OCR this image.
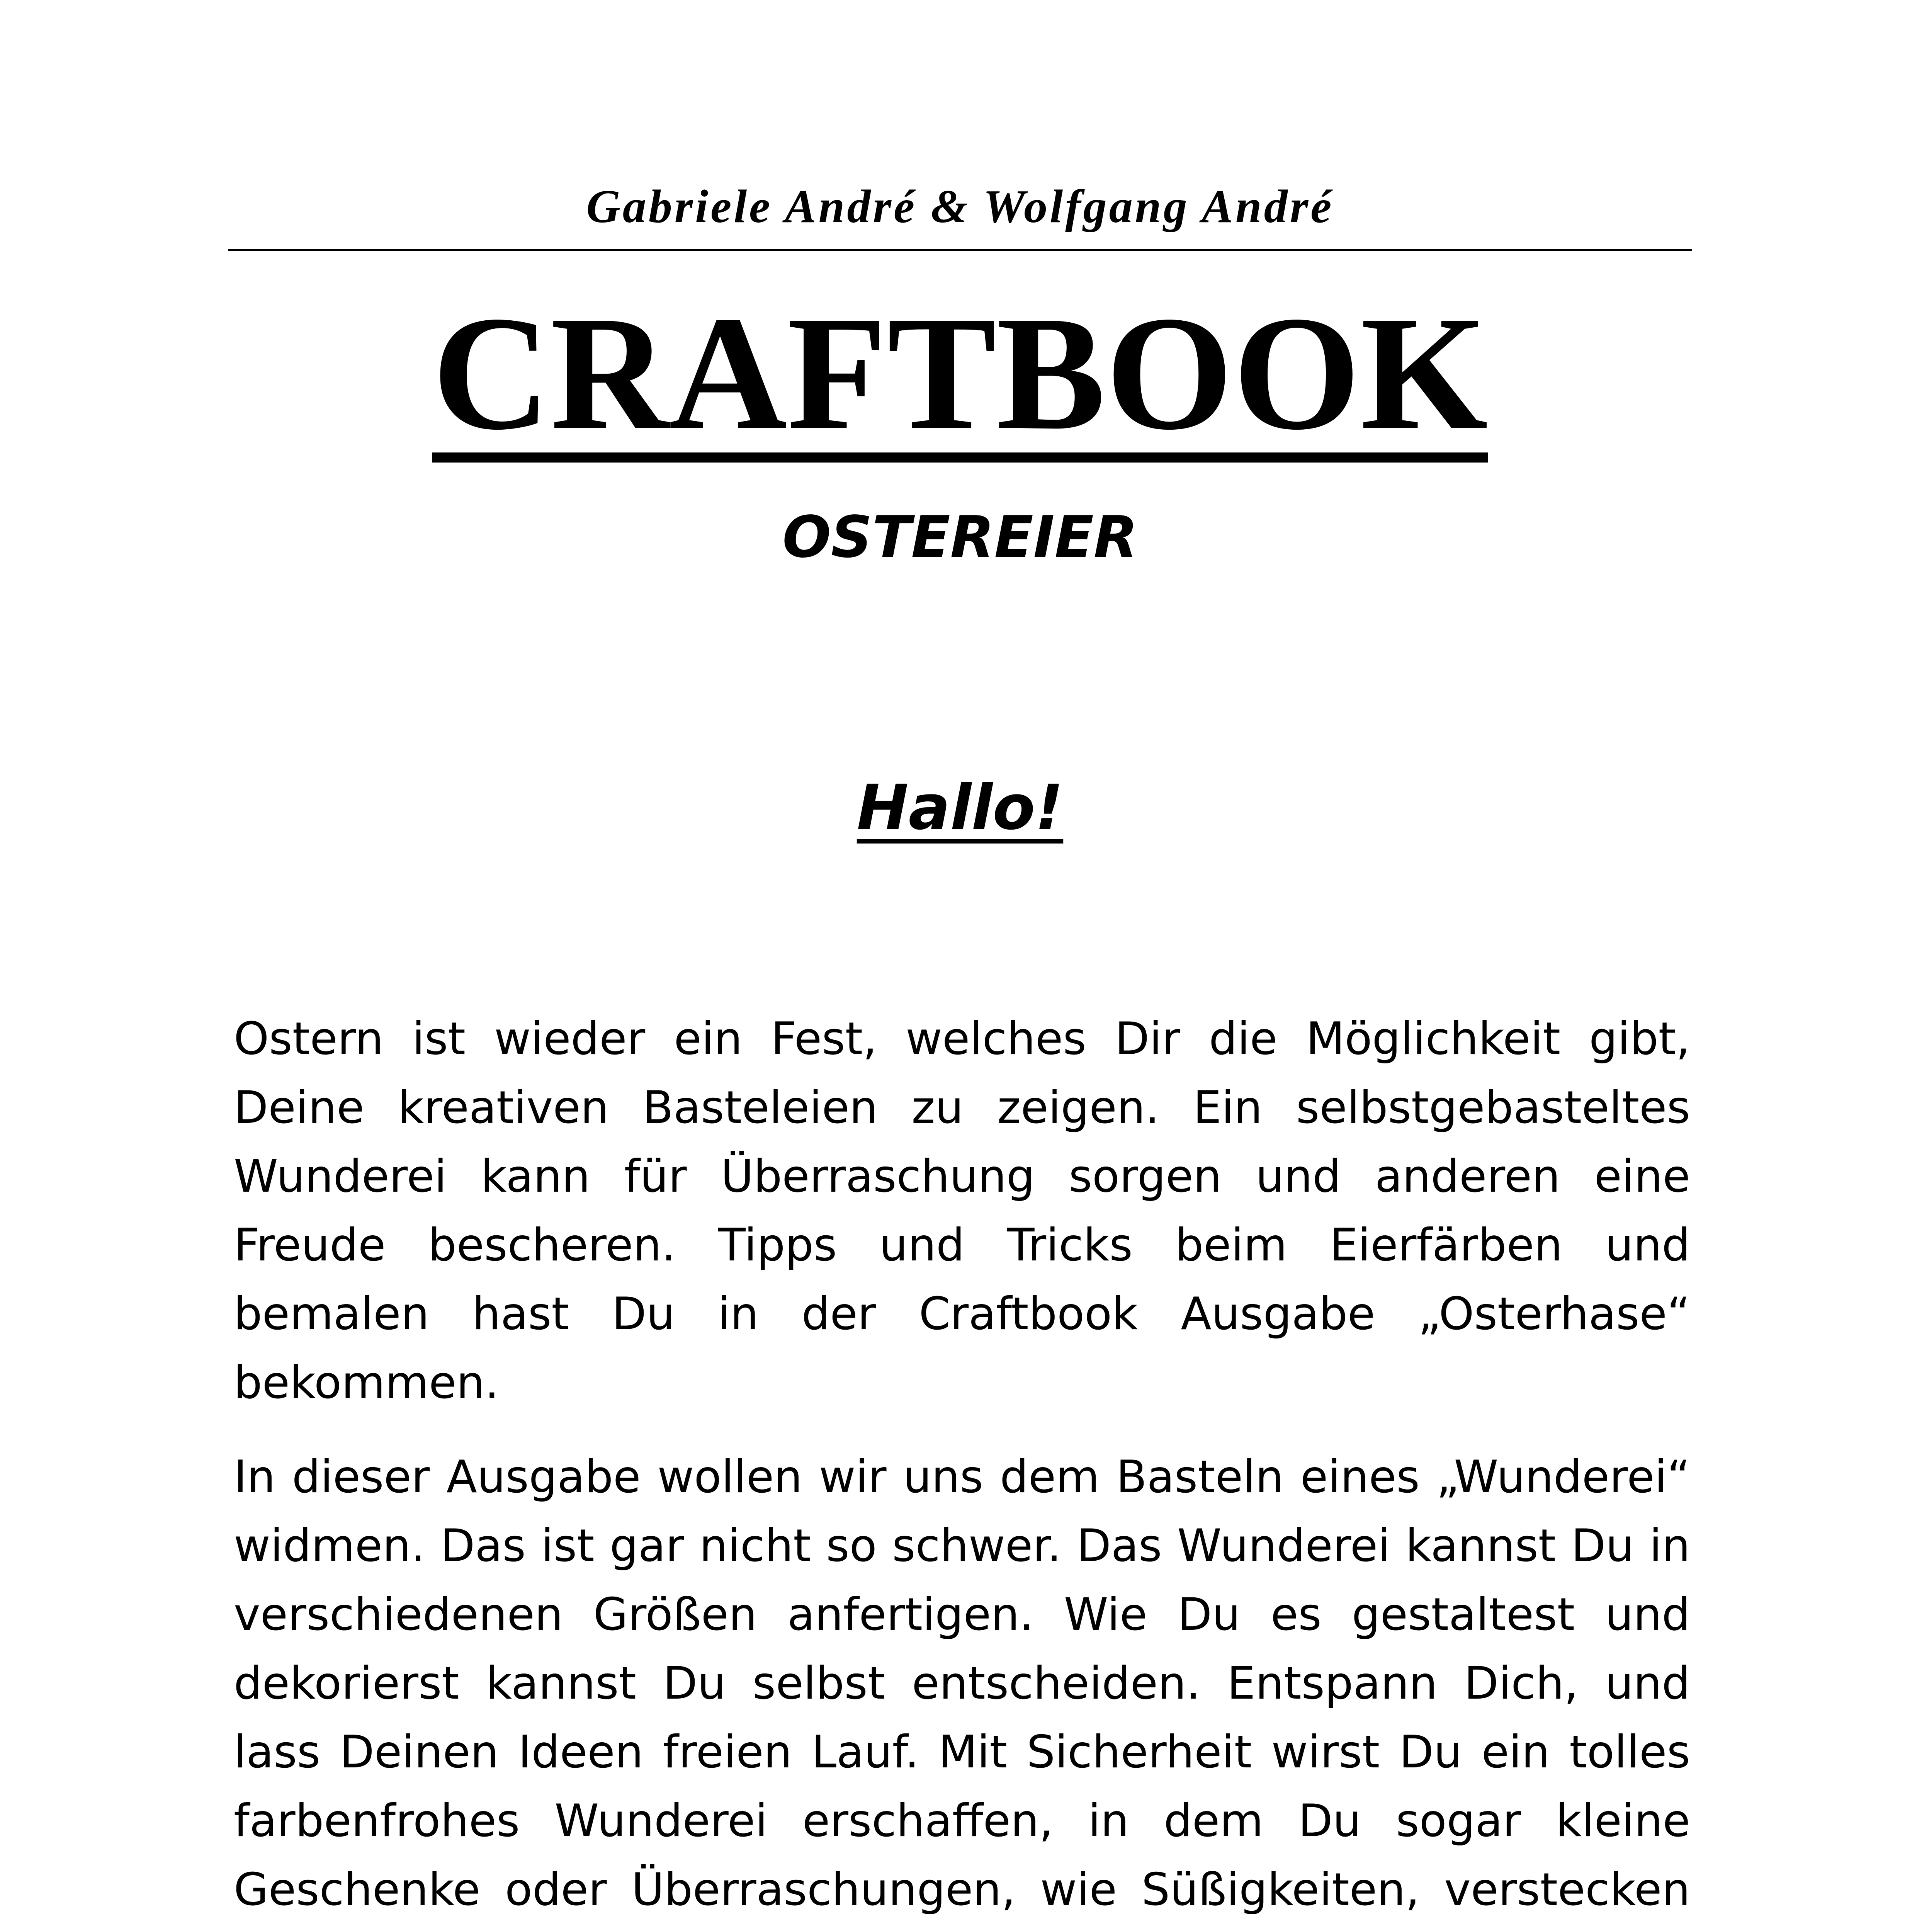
Gabriele André & Wolfgang André
CRAFTBOOK
OSTEREIER
Hallo!

Ostern ist wieder ein Fest, welches Dir die Möglichkeit gibt, Deine kreativen Basteleien zu zeigen. Ein selbstgebasteltes Wunderei kann für Überraschung sorgen und anderen eine Freude bescheren. Tipps und Tricks beim Eierfärben und bemalen hast Du in der Craftbook Ausgabe „Osterhase“ bekommen.

In dieser Ausgabe wollen wir uns dem Basteln eines „Wunderei“ widmen. Das ist gar nicht so schwer. Das Wunderei kannst Du in verschiedenen Größen anfertigen. Wie Du es gestaltest und dekorierst kannst Du selbst entscheiden. Entspann Dich, und lass Deinen Ideen freien Lauf. Mit Sicherheit wirst Du ein tolles farbenfrohes Wunderei erschaffen, in dem Du sogar kleine Geschenke oder Überraschungen, wie Süßigkeiten, verstecken
